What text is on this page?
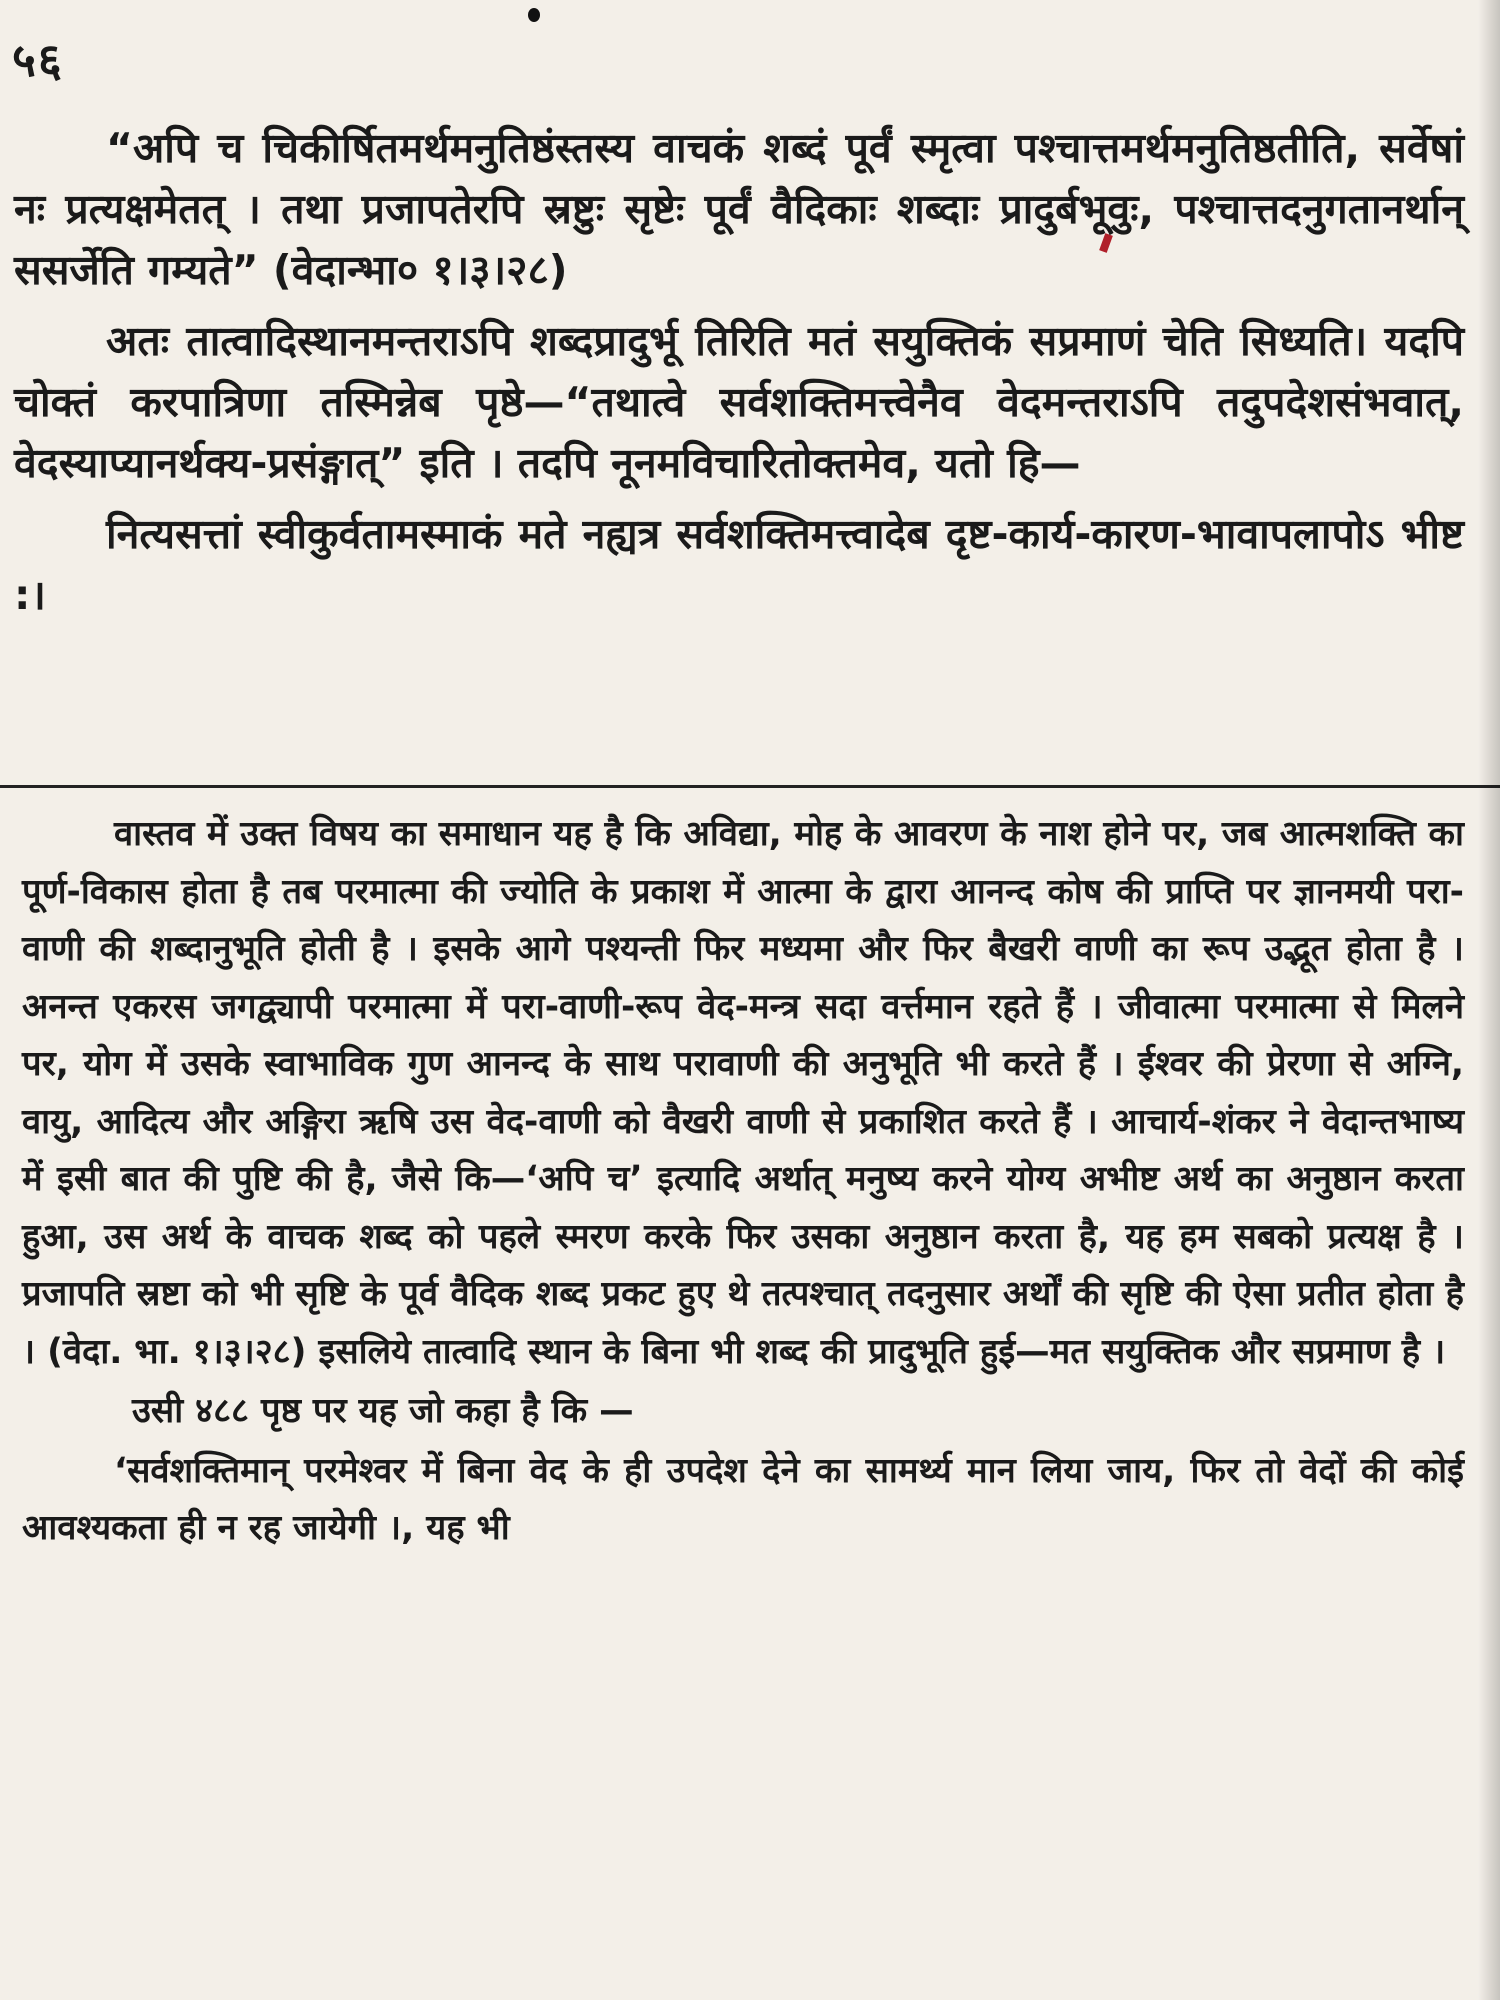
५६

“अपि च चिकीर्षितमर्थमनुतिष्ठंस्तस्य वाचकं शब्दं पूर्वं स्मृत्वा पश्चात्तमर्थमनुतिष्ठतीति, सर्वेषां नः प्रत्यक्षमेतत् । तथा प्रजापतेरपि स्रष्टुः सृष्टेः पूर्वं वैदिकाः शब्दाः प्रादुर्बभूवुः, पश्चात्तदनुगतानर्थान् ससर्जेति गम्यते” (वेदान्भा० १।३।२८)

अतः तात्वादिस्थानमन्तराऽपि शब्दप्रादुर्भू तिरिति मतं सयुक्तिकं सप्रमाणं चेति सिध्यति। यदपि चोक्तं करपात्रिणा तस्मिन्नेब पृष्ठे—“तथात्वे सर्वशक्तिमत्त्वेनैव वेदमन्तराऽपि तदुपदेशसंभवात्, वेदस्याप्यानर्थक्य-प्रसंङ्गात्” इति । तदपि नूनमविचारितोक्तमेव, यतो हि—

नित्यसत्तां स्वीकुर्वतामस्माकं मते नह्यत्र सर्वशक्तिमत्त्वादेब दृष्ट-कार्य-कारण-भावापलापोऽ भीष्ट :।

वास्तव में उक्त विषय का समाधान यह है कि अविद्या, मोह के आवरण के नाश होने पर, जब आत्मशक्ति का पूर्ण-विकास होता है तब परमात्मा की ज्योति के प्रकाश में आत्मा के द्वारा आनन्द कोष की प्राप्ति पर ज्ञानमयी परा-वाणी की शब्दानुभूति होती है । इसके आगे पश्यन्ती फिर मध्यमा और फिर बैखरी वाणी का रूप उद्भूत होता है । अनन्त एकरस जगद्व्यापी परमात्मा में परा-वाणी-रूप वेद-मन्त्र सदा वर्त्तमान रहते हैं । जीवात्मा परमात्मा से मिलने पर, योग में उसके स्वाभाविक गुण आनन्द के साथ परावाणी की अनुभूति भी करते हैं । ईश्वर की प्रेरणा से अग्नि, वायु, आदित्य और अङ्गिरा ऋषि उस वेद-वाणी को वैखरी वाणी से प्रकाशित करते हैं । आचार्य-शंकर ने वेदान्तभाष्य में इसी बात की पुष्टि की है, जैसे कि—‘अपि च’ इत्यादि अर्थात् मनुष्य करने योग्य अभीष्ट अर्थ का अनुष्ठान करता हुआ, उस अर्थ के वाचक शब्द को पहले स्मरण करके फिर उसका अनुष्ठान करता है, यह हम सबको प्रत्यक्ष है । प्रजापति स्रष्टा को भी सृष्टि के पूर्व वैदिक शब्द प्रकट हुए थे तत्पश्चात् तदनुसार अर्थों की सृष्टि की ऐसा प्रतीत होता है । (वेदा. भा. १।३।२८) इसलिये तात्वादि स्थान के बिना भी शब्द की प्रादुभूति हुई—मत सयुक्तिक और सप्रमाण है ।

उसी ४८८ पृष्ठ पर यह जो कहा है कि —

‘सर्वशक्तिमान् परमेश्वर में बिना वेद के ही उपदेश देने का सामर्थ्य मान लिया जाय, फिर तो वेदों की कोई आवश्यकता ही न रह जायेगी ।, यह भी
